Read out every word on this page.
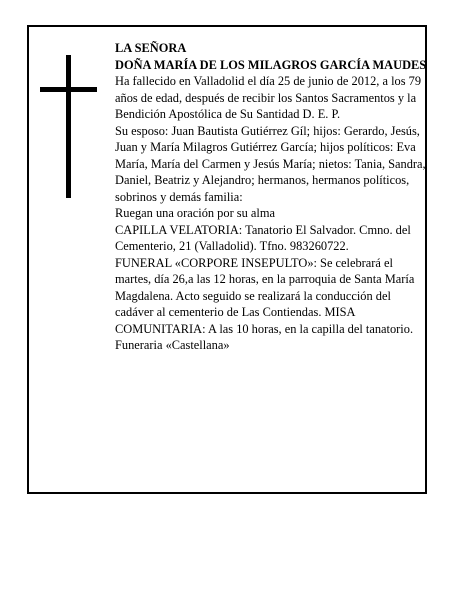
LA SEÑORA

DOÑA MARÍA DE LOS MILAGROS GARCÍA MAUDES

Ha fallecido en Valladolid el día 25 de junio de 2012, a los 79 años de edad, después de recibir los Santos Sacramentos y la Bendición Apostólica de Su Santidad D. E. P.

Su esposo: Juan Bautista Gutiérrez Gíl; hijos: Gerardo, Jesús, Juan y María Milagros Gutiérrez García; hijos políticos: Eva María, María del Carmen y Jesús María; nietos: Tania, Sandra, Daniel, Beatriz y Alejandro; hermanos, hermanos políticos, sobrinos y demás familia:

Ruegan una oración por su alma

CAPILLA VELATORIA: Tanatorio El Salvador. Cmno. del Cementerio, 21 (Valladolid). Tfno. 983260722.

FUNERAL «CORPORE INSEPULTO»: Se celebrará el martes, día 26,a las 12 horas, en la parroquia de Santa María Magdalena. Acto seguido se realizará la conducción del cadáver al cementerio de Las Contiendas. MISA COMUNITARIA: A las 10 horas, en la capilla del tanatorio.

Funeraria «Castellana»
